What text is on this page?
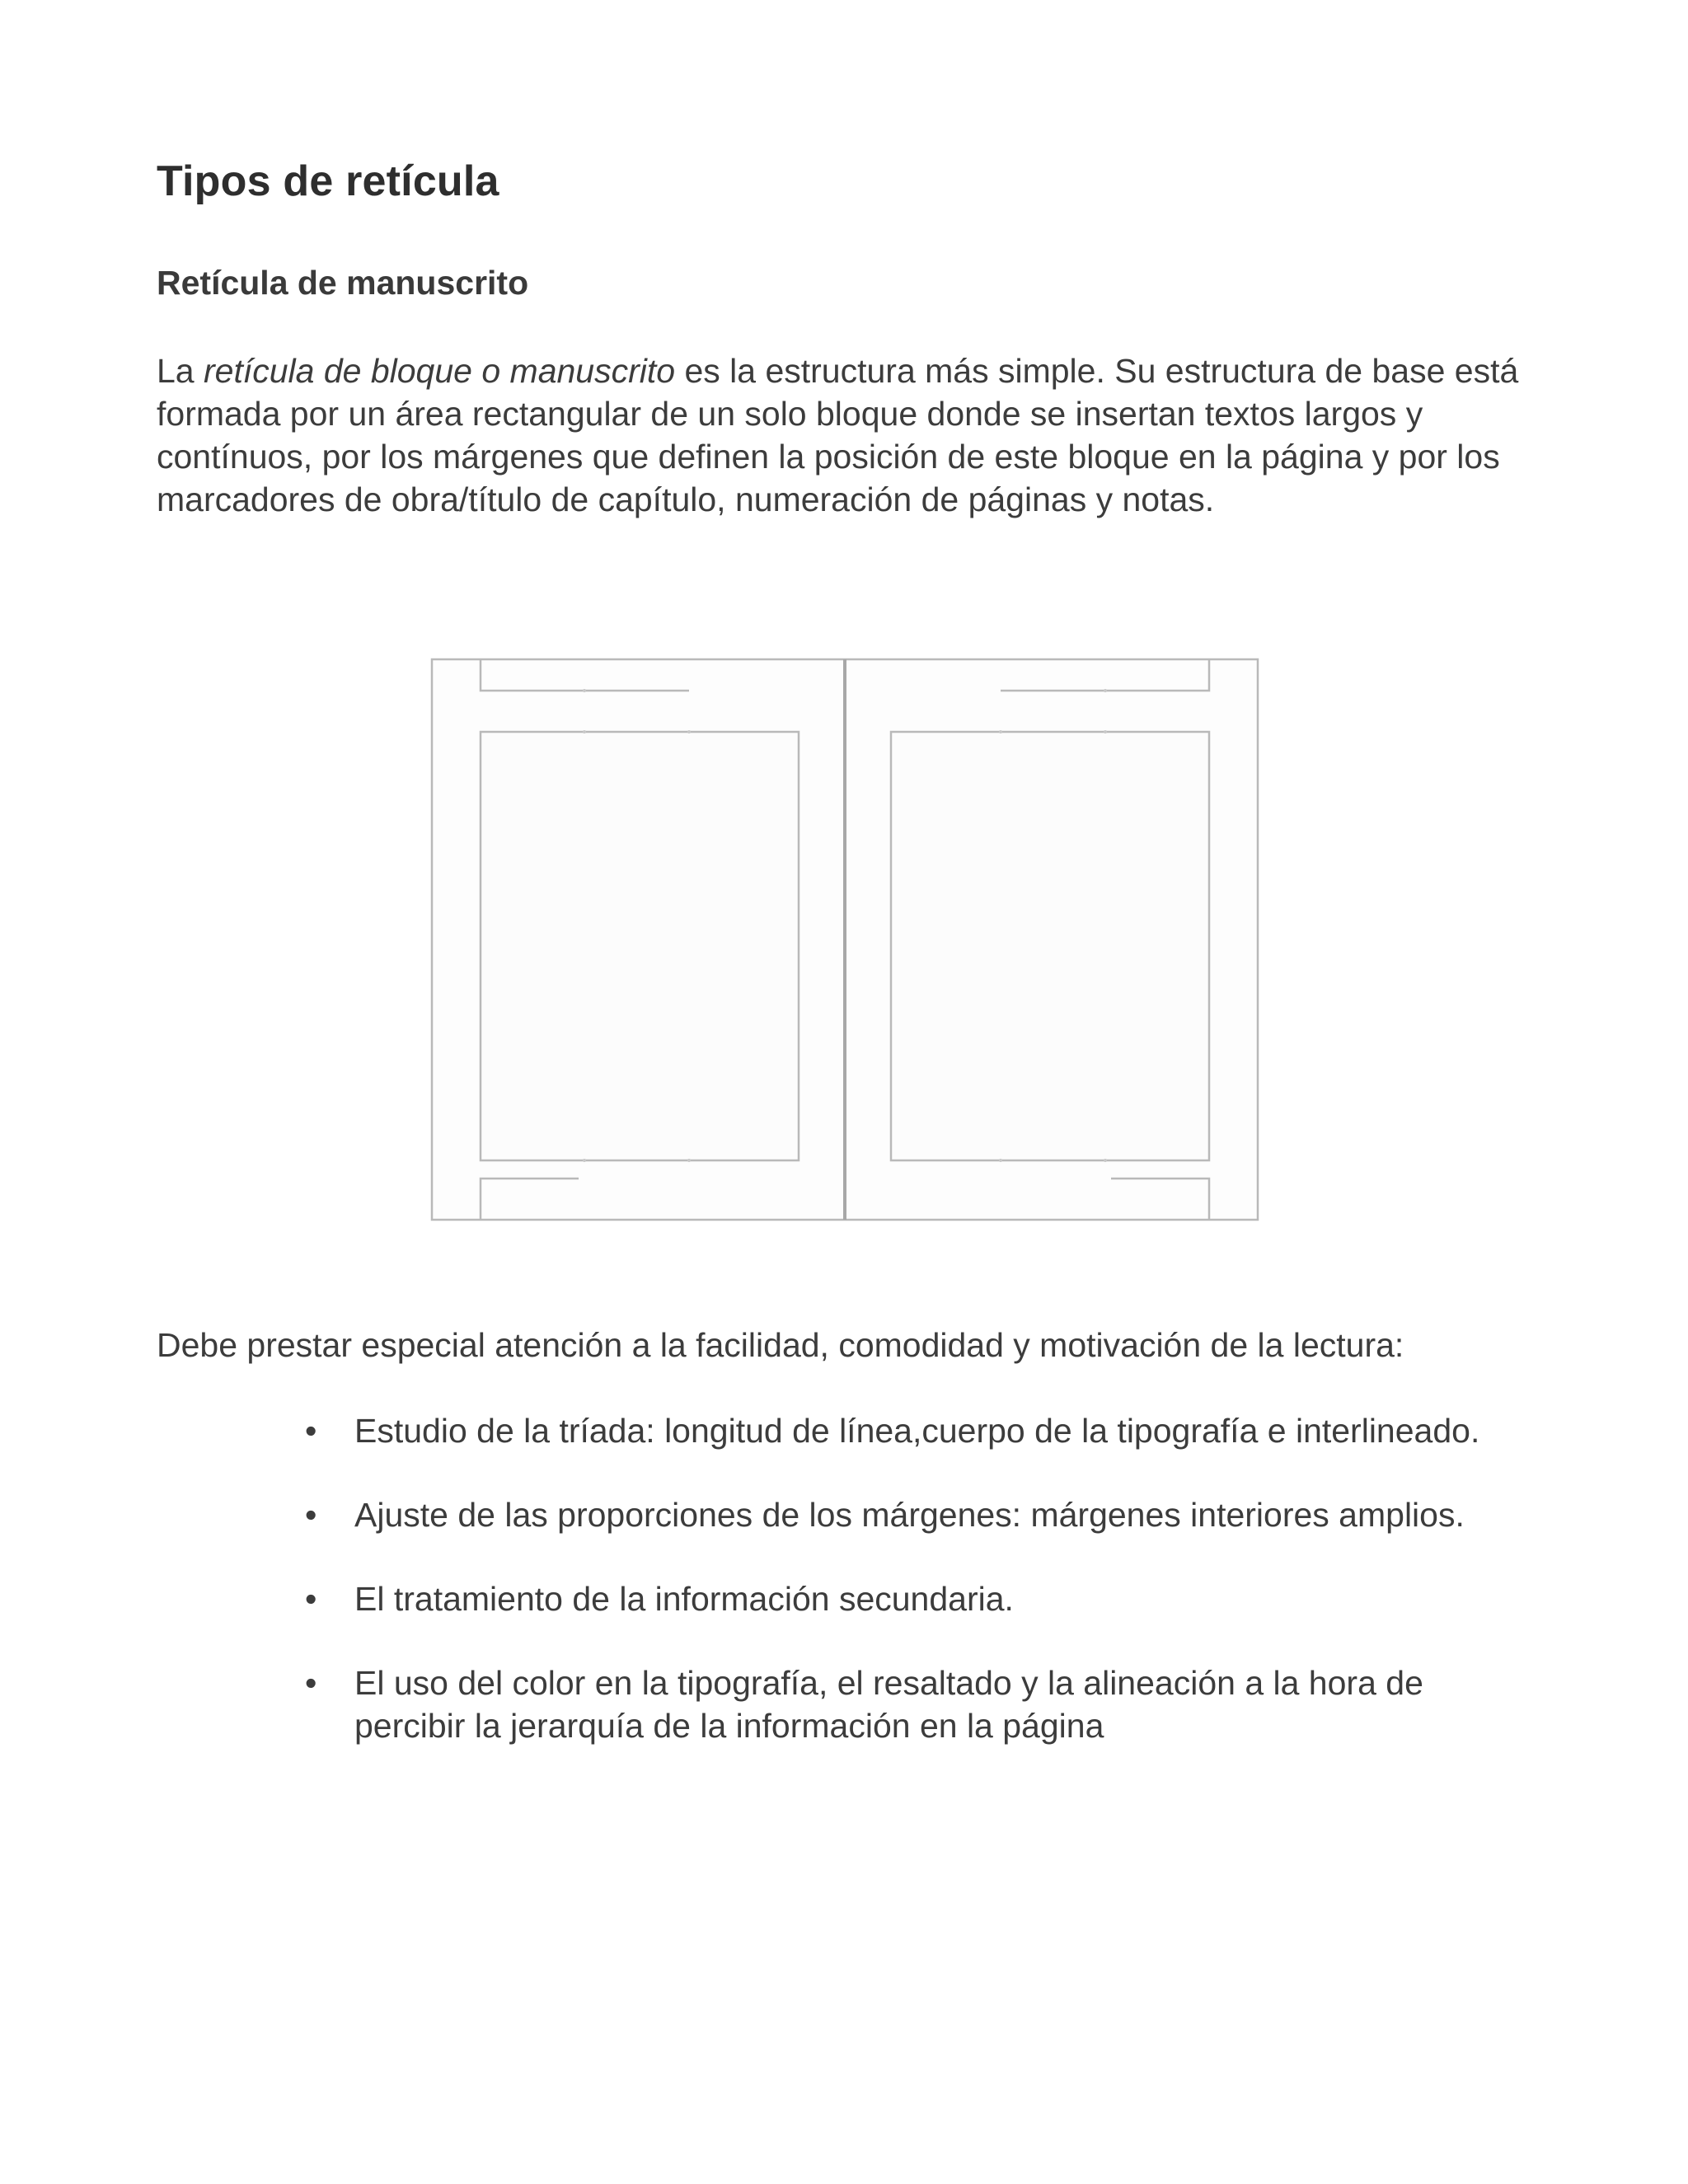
Tipos de retícula
Retícula de manuscrito

La retícula de bloque o manuscrito es la estructura más simple. Su estructura de base está formada por un área rectangular de un solo bloque donde se insertan textos largos y contínuos, por los márgenes que definen la posición de este bloque en la página y por los marcadores de obra/título de capítulo, numeración de páginas y notas.

Debe prestar especial atención a la facilidad, comodidad y motivación de la lectura:

• Estudio de la tríada: longitud de línea,cuerpo de la tipografía e interlineado.
• Ajuste de las proporciones de los márgenes: márgenes interiores amplios.
• El tratamiento de la información secundaria.
• El uso del color en la tipografía, el resaltado y la alineación a la hora de percibir la jerarquía de la información en la página
